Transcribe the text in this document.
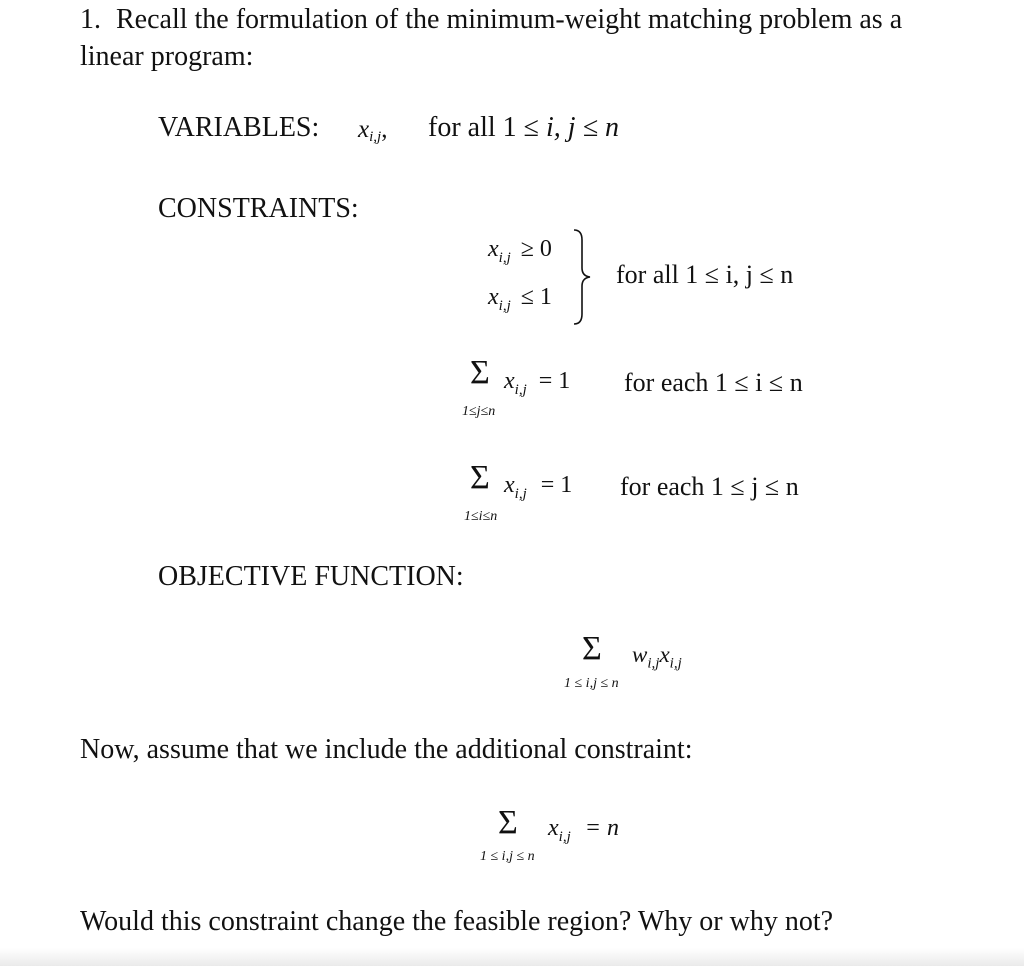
1. Recall the formulation of the minimum-weight matching problem as a
linear program:
VARIABLES: $x_{i,j}$, for all 1 ≤ i, j ≤ n
CONSTRAINTS:
$x_{i,j} \ge 0$
$x_{i,j} \le 1$
for all 1 ≤ i, j ≤ n
Σ $x_{i,j} = 1$
1≤j≤n
for each 1 ≤ i ≤ n
Σ $x_{i,j} = 1$
1≤i≤n
for each 1 ≤ j ≤ n
OBJECTIVE FUNCTION:
Σ $w_{i,j}x_{i,j}$
1 ≤ i,j ≤ n
Now, assume that we include the additional constraint:
Σ $x_{i,j} = n$
1 ≤ i,j ≤ n
Would this constraint change the feasible region? Why or why not?
